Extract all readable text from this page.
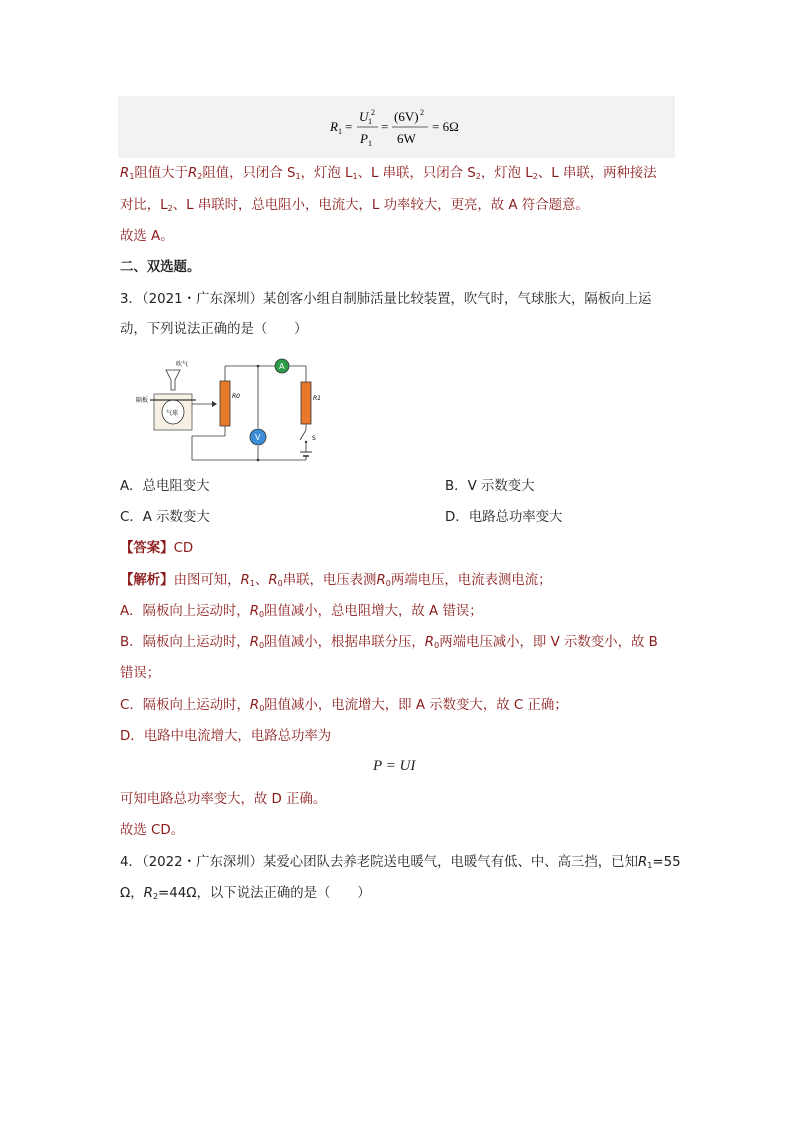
R 1 =
U 1
2
P 1
=
(6V) 2
6W
= 6Ω
$R_1$阻值大于$R_2$阻值，只闭合 $S_1$，灯泡 $L_1$、L 串联，只闭合 $S_2$，灯泡 $L_2$、L 串联，两种接法
对比，$L_2$、L 串联时，总电阻小，电流大，L 功率较大，更亮，故 A 符合题意。
故选 A。
二、双选题。
3．（2021・广东深圳）某创客小组自制肺活量比较装置，吹气时，气球胀大，隔板向上运
动，下列说法正确的是（　　）
气球
隔板
吹气
R0
V
A
R1
S
A．总电阻变大	B．V 示数变大
C．A 示数变大	D．电路总功率变大
【答案】CD
【解析】由图可知，$R_1$、$R_0$串联，电压表测$R_0$两端电压，电流表测电流；
A．隔板向上运动时，$R_0$阻值减小，总电阻增大，故 A 错误；
B．隔板向上运动时，$R_0$阻值减小，根据串联分压，$R_0$两端电压减小，即 V 示数变小，故 B
错误；
C．隔板向上运动时，$R_0$阻值减小，电流增大，即 A 示数变大，故 C 正确；
D．电路中电流增大，电路总功率为
P = UI
可知电路总功率变大，故 D 正确。
故选 CD。
4．（2022・广东深圳）某爱心团队去养老院送电暖气，电暖气有低、中、高三挡，已知$R_1=55$
Ω，$R_2=44\Omega$，以下说法正确的是（　　）
